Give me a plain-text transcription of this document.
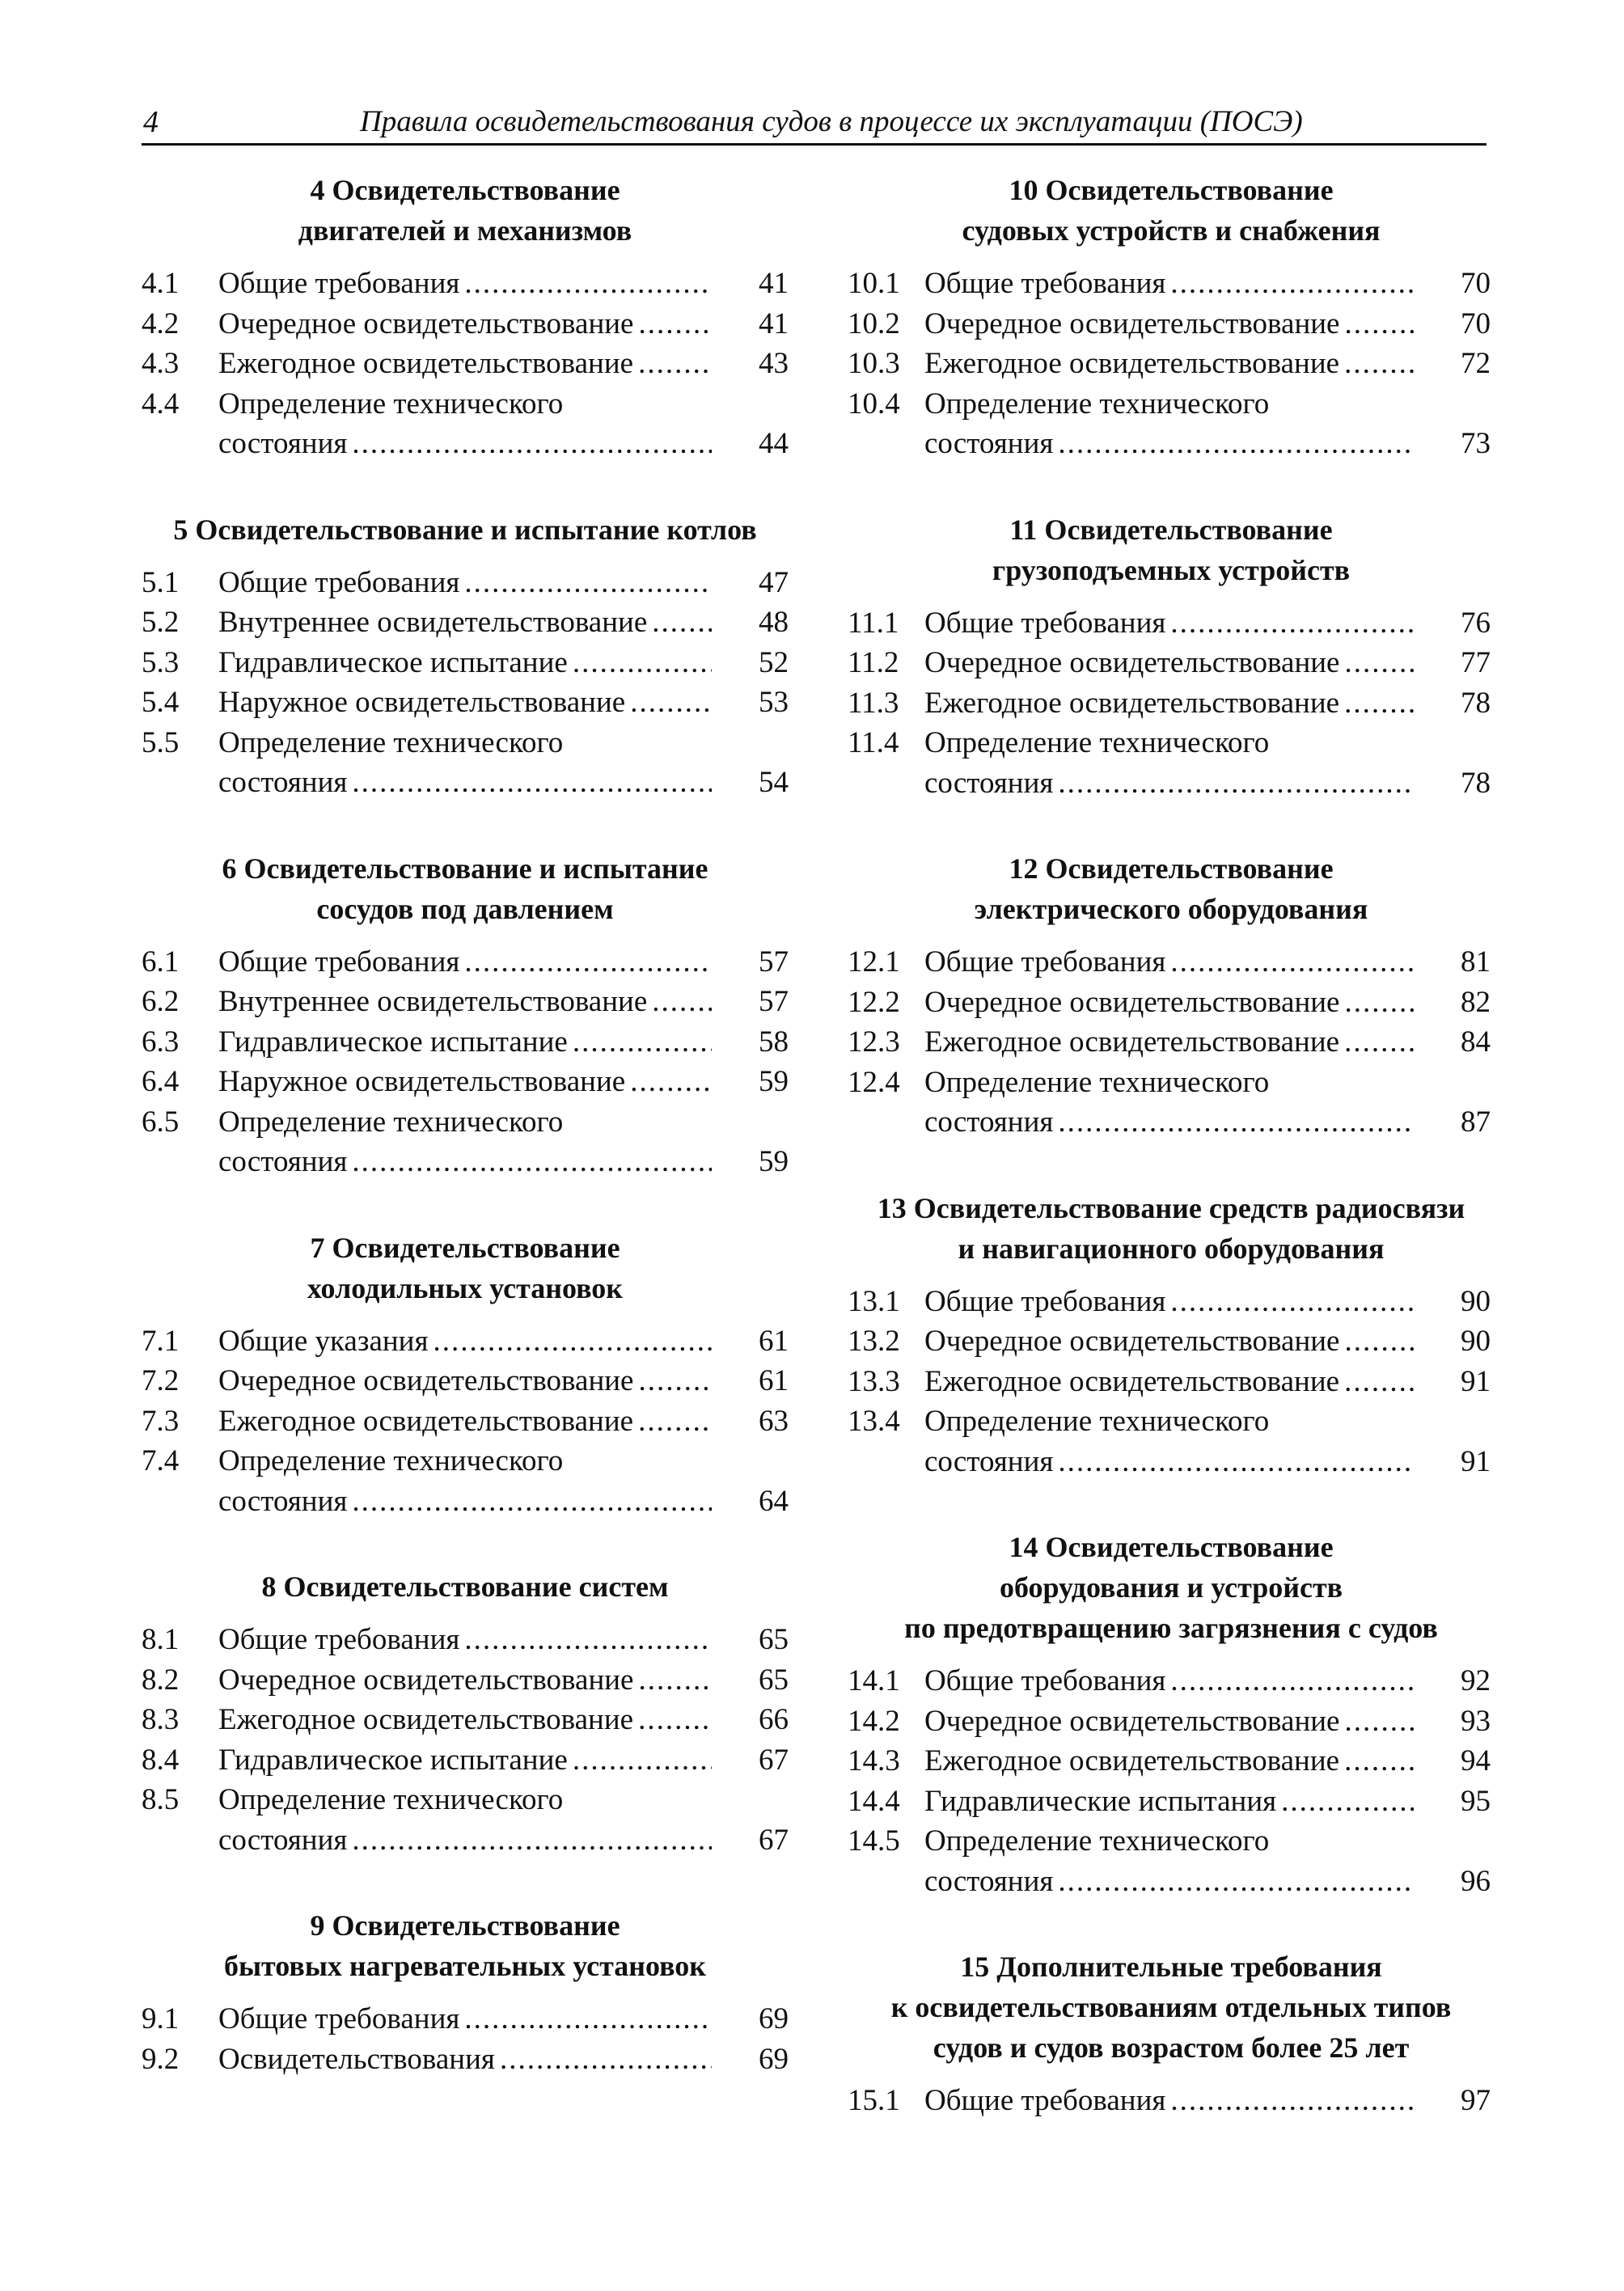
4	Правила освидетельствования судов в процессе их эксплуатации (ПОСЭ)
4 Освидетельствование
двигателей и механизмов
4.1 Общие требования .....	41
4.2 Очередное освидетельствование .....	41
4.3 Ежегодное освидетельствование .....	43
4.4 Определение технического
состояния .....	44
5 Освидетельствование и испытание котлов
5.1 Общие требования .....	47
5.2 Внутреннее освидетельствование .....	48
5.3 Гидравлическое испытание .....	52
5.4 Наружное освидетельствование .....	53
5.5 Определение технического
состояния .....	54
6 Освидетельствование и испытание
сосудов под давлением
6.1 Общие требования .....	57
6.2 Внутреннее освидетельствование .....	57
6.3 Гидравлическое испытание .....	58
6.4 Наружное освидетельствование .....	59
6.5 Определение технического
состояния .....	59
7 Освидетельствование
холодильных установок
7.1 Общие указания .....	61
7.2 Очередное освидетельствование .....	61
7.3 Ежегодное освидетельствование .....	63
7.4 Определение технического
состояния .....	64
8 Освидетельствование систем
8.1 Общие требования .....	65
8.2 Очередное освидетельствование .....	65
8.3 Ежегодное освидетельствование .....	66
8.4 Гидравлическое испытание .....	67
8.5 Определение технического
состояния .....	67
9 Освидетельствование
бытовых нагревательных установок
9.1 Общие требования .....	69
9.2 Освидетельствования .....	69
10 Освидетельствование
судовых устройств и снабжения
10.1 Общие требования .....	70
10.2 Очередное освидетельствование .....	70
10.3 Ежегодное освидетельствование .....	72
10.4 Определение технического
состояния .....	73
11 Освидетельствование
грузоподъемных устройств
11.1 Общие требования .....	76
11.2 Очередное освидетельствование .....	77
11.3 Ежегодное освидетельствование .....	78
11.4 Определение технического
состояния .....	78
12 Освидетельствование
электрического оборудования
12.1 Общие требования .....	81
12.2 Очередное освидетельствование .....	82
12.3 Ежегодное освидетельствование .....	84
12.4 Определение технического
состояния .....	87
13 Освидетельствование средств радиосвязи
и навигационного оборудования
13.1 Общие требования .....	90
13.2 Очередное освидетельствование .....	90
13.3 Ежегодное освидетельствование .....	91
13.4 Определение технического
состояния .....	91
14 Освидетельствование
оборудования и устройств
по предотвращению загрязнения с судов
14.1 Общие требования .....	92
14.2 Очередное освидетельствование .....	93
14.3 Ежегодное освидетельствование .....	94
14.4 Гидравлические испытания .....	95
14.5 Определение технического
состояния .....	96
15 Дополнительные требования
к освидетельствованиям отдельных типов
судов и судов возрастом более 25 лет
15.1 Общие требования .....	97
